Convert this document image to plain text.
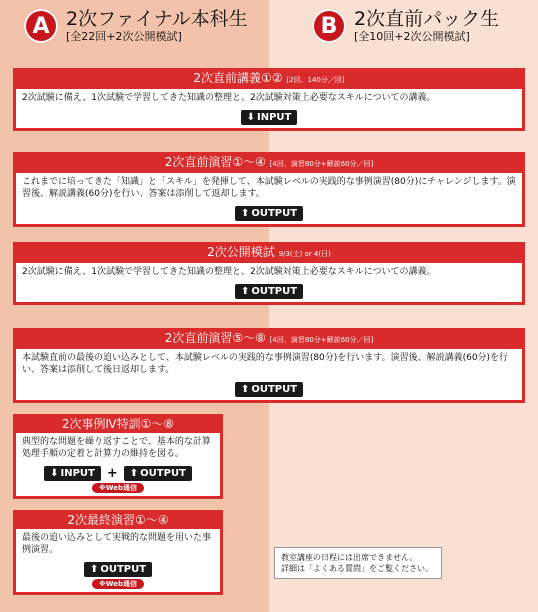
A 2次ファイナル本科生
[全22回+2次公開模試]	B 2次直前パック生
[全10回+2次公開模試]
2次直前講義①② [2回、140分／回]
2次試験に備え、1次試験で学習してきた知識の整理と、2次試験対策上必要なスキルについての講義。
⬇ INPUT
2次直前演習①～④ [4回、演習80分+解説60分／回]
これまでに培ってきた「知識」と「スキル」を発揮して、本試験レベルの実践的な事例演習(80分)にチャレンジします。演習後、解説講義(60分)を行い、答案は添削して返却します。
⬆ OUTPUT
2次公開模試 9/3(土) or 4(日)
2次試験に備え、1次試験で学習してきた知識の整理と、2次試験対策上必要なスキルについての講義。
⬆ OUTPUT
2次直前演習⑤～⑧ [4回、演習80分+解説60分／回]
本試験直前の最後の追い込みとして、本試験レベルの実践的な事例演習(80分)を行います。演習後、解説講義(60分)を行い、答案は添削して後日返却します。
⬆ OUTPUT
2次事例Ⅳ特訓①～⑧
典型的な問題を繰り返すことで、基本的な計算処理手順の定着と計算力の維持を図る。
⬇ INPUT + ⬆ OUTPUT
※Web通信
2次最終演習①～④
最後の追い込みとして実戦的な問題を用いた事例演習。
⬆ OUTPUT
※Web通信
教室講座の日程には出席できません。
詳細は「よくある質問」をご覧ください。
